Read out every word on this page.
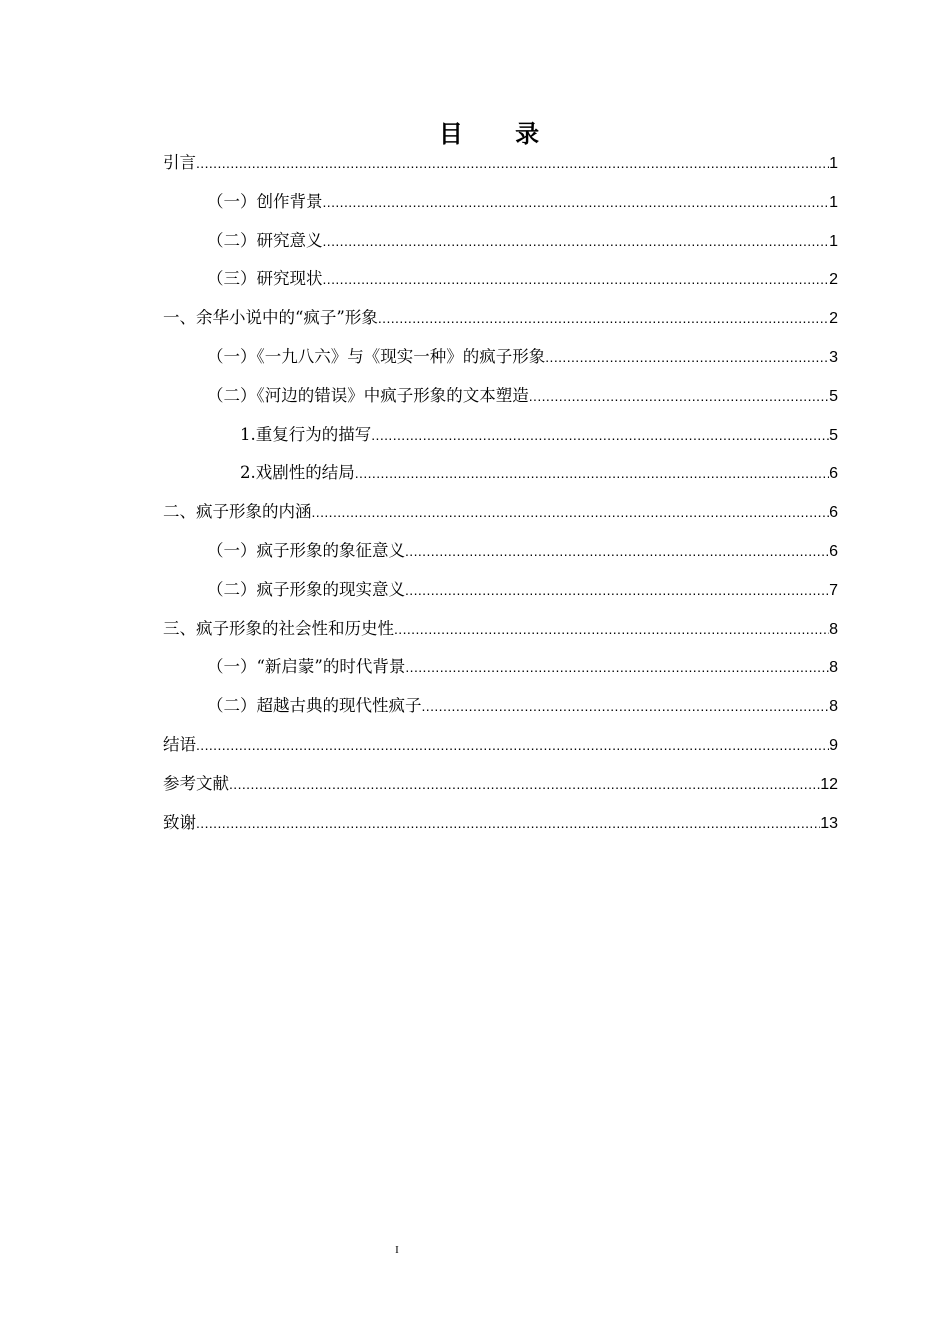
目 录
引言 .....	1
（一）创作背景 .....	1
（二）研究意义 .....	1
（三）研究现状 .....	2
一、余华小说中的“疯子”形象 .....	2
（一）《一九八六》与《现实一种》的疯子形象 .....	3
（二）《河边的错误》中疯子形象的文本塑造 .....	5
1.重复行为的描写 .....	5
2.戏剧性的结局 .....	6
二、疯子形象的内涵 .....	6
（一）疯子形象的象征意义 .....	6
（二）疯子形象的现实意义 .....	7
三、疯子形象的社会性和历史性 .....	8
（一）“新启蒙”的时代背景 .....	8
（二）超越古典的现代性疯子 .....	8
结语 .....	9
参考文献 .....	12
致谢 .....	13
I
